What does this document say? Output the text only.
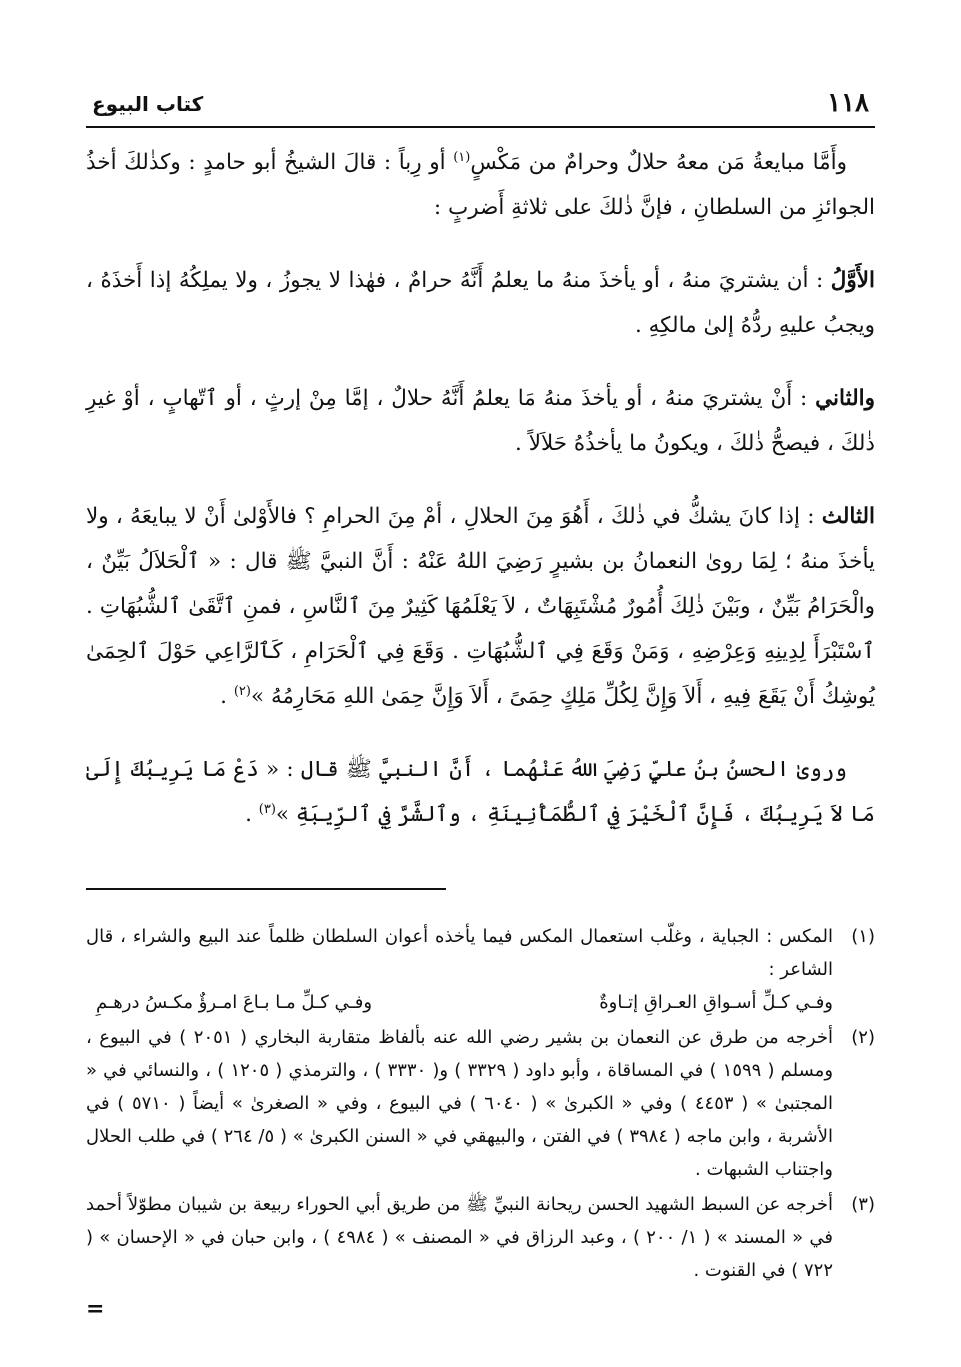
١١٨
كتاب البيوع

وأَمَّا مبايعةُ مَن معهُ حلالٌ وحرامٌ من مَكْسٍ$^{(١)}$ أو رِباً : قالَ الشيخُ أبو حامدٍ : وكذٰلكَ أخذُ الجوائزِ من السلطانِ ، فإنَّ ذٰلكَ على ثلاثةِ أَضربٍ :

الأَوَّلُ : أن يشتريَ منهُ ، أو يأخذَ منهُ ما يعلمُ أَنَّهُ حرامٌ ، فهٰذا لا يجوزُ ، ولا يملِكُهُ إذا أَخذَهُ ، ويجبُ عليهِ ردُّهُ إلىٰ مالكِهِ .

والثاني : أَنْ يشتريَ منهُ ، أو يأخذَ منهُ مَا يعلمُ أَنَّهُ حلالٌ ، إمَّا مِنْ إرثٍ ، أو ٱتّهابٍ ، أوْ غيرِ ذٰلكَ ، فيصحُّ ذٰلكَ ، ويكونُ ما يأخذُهُ حَلاَلاً .

الثالث : إذا كانَ يشكُّ في ذٰلكَ ، أَهُوَ مِنَ الحلالِ ، أمْ مِنَ الحرامِ ؟ فالأَوْلىٰ أَنْ لا يبايعَهُ ، ولا يأخذَ منهُ ؛ لِمَا روىٰ النعمانُ بن بشيرٍ رَضِيَ اللهُ عَنْهُ : أَنَّ النبيَّ ﷺ قال : « ٱلْحَلاَلُ بَيِّنٌ ، والْحَرَامُ بَيِّنٌ ، وبَيْنَ ذٰلِكَ أُمُورٌ مُشْتَبِهَاتٌ ، لاَ يَعْلَمُهَا كَثِيرٌ مِنَ ٱلنَّاسِ ، فمنِ ٱتَّقَىٰ ٱلشُّبُهَاتِ . ٱسْتَبْرَأَ لِدِينِهِ وَعِرْضِهِ ، وَمَنْ وَقَعَ فِي ٱلشُّبُهَاتِ . وَقَعَ فِي ٱلْحَرَامِ ، كَٱلرَّاعِي حَوْلَ ٱلحِمَىٰ يُوشِكُ أَنْ يَقَعَ فِيهِ ، أَلاَ وَإِنَّ لِكُلِّ مَلِكٍ حِمَىً ، أَلاَ وَإِنَّ حِمَىٰ اللهِ مَحَارِمُهُ »$^{(٢)}$ .

وروىٰ الحسنُ بنُ عليٍّ رَضِيَ اللهُ عَنْهُما ، أَنَّ النبيَّ ﷺ قال : « دَعْ مَا يَرِيبُكَ إِلَىٰ مَا لاَ يَرِيبُكَ ، فَإِنَّ ٱلْخَيْرَ فِي ٱلطُّمَأْنِينَةِ ، وٱلشَّرَّ فِي ٱلرِّيبَةِ »$^{(٣)}$ .

(١)
المكس : الجباية ، وغلّب استعمال المكس فيما يأخذه أعوان السلطان ظلماً عند البيع والشراء ، قال الشاعر :
وفـي كـلِّ أسـواقِ العـراقِ إتـاوةٌ
وفـي كـلِّ مـا بـاعَ امـرؤٌ مكـسُ درهـمِ
(٢)
أخرجه من طرق عن النعمان بن بشير رضي الله عنه بألفاظ متقاربة البخاري ( ٢٠٥١ ) في البيوع ، ومسلم ( ١٥٩٩ ) في المساقاة ، وأبو داود ( ٣٣٢٩ ) و( ٣٣٣٠ ) ، والترمذي ( ١٢٠٥ ) ، والنسائي في « المجتبىٰ » ( ٤٤٥٣ ) وفي « الكبرىٰ » ( ٦٠٤٠ ) في البيوع ، وفي « الصغرىٰ » أيضاً ( ٥٧١٠ ) في الأشربة ، وابن ماجه ( ٣٩٨٤ ) في الفتن ، والبيهقي في « السنن الكبرىٰ » ( ٥/ ٢٦٤ ) في طلب الحلال واجتناب الشبهات .
(٣)
أخرجه عن السبط الشهيد الحسن ريحانة النبيِّ ﷺ من طريق أبي الحوراء ربيعة بن شيبان مطوّلاً أحمد في « المسند » ( ١/ ٢٠٠ ) ، وعبد الرزاق في « المصنف » ( ٤٩٨٤ ) ، وابن حبان في « الإحسان » ( ٧٢٢ ) في القنوت .
=
